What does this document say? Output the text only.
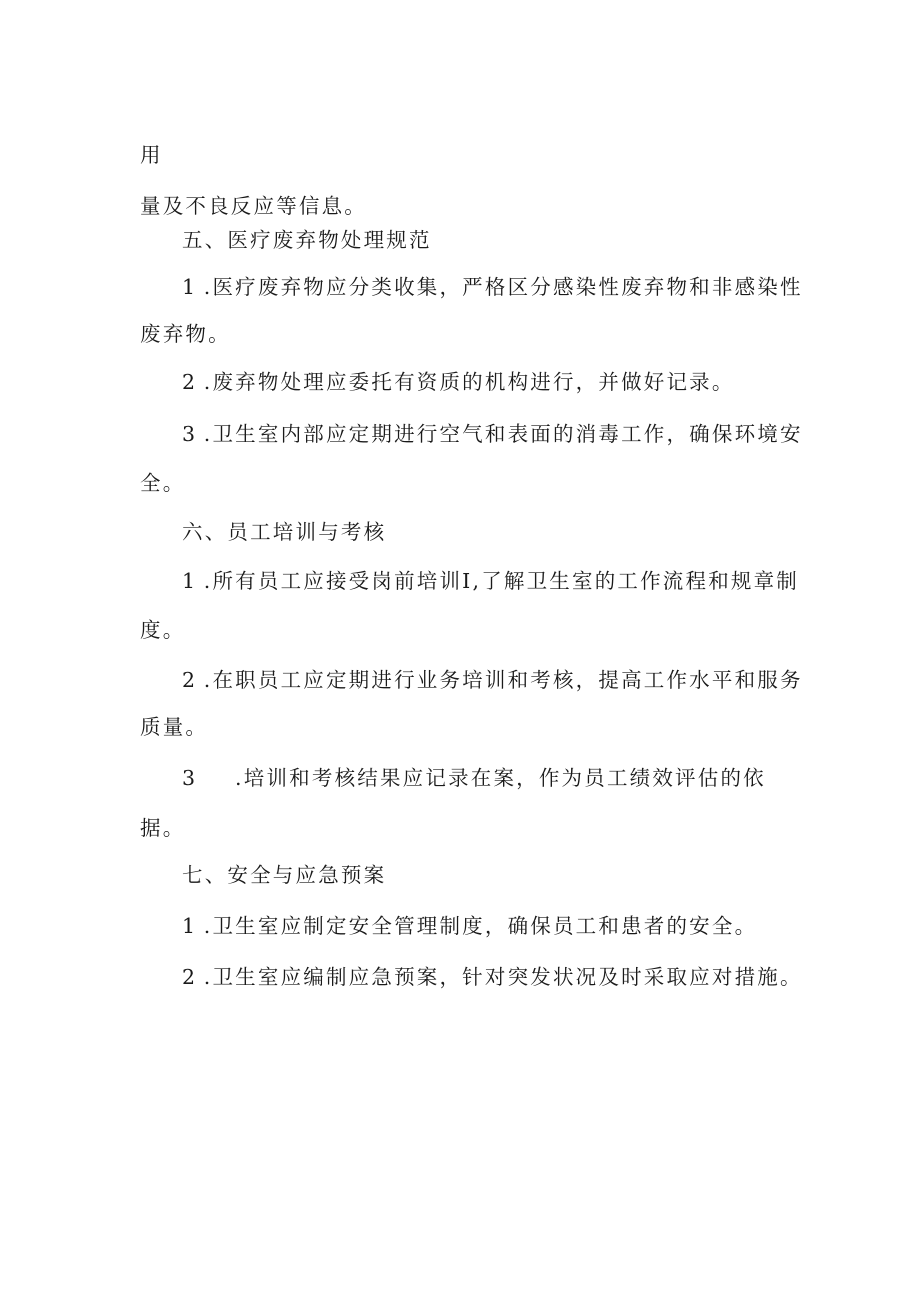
用

量及不良反应等信息。

五、医疗废弃物处理规范

1 .医疗废弃物应分类收集，严格区分感染性废弃物和非感染性

废弃物。

2 .废弃物处理应委托有资质的机构进行，并做好记录。

3 .卫生室内部应定期进行空气和表面的消毒工作，确保环境安

全。

六、员工培训与考核

1 .所有员工应接受岗前培训I,了解卫生室的工作流程和规章制

度。

2 .在职员工应定期进行业务培训和考核，提高工作水平和服务

质量。

3 .培训和考核结果应记录在案，作为员工绩效评估的依

据。

七、安全与应急预案

1 .卫生室应制定安全管理制度，确保员工和患者的安全。

2 .卫生室应编制应急预案，针对突发状况及时采取应对措施。
